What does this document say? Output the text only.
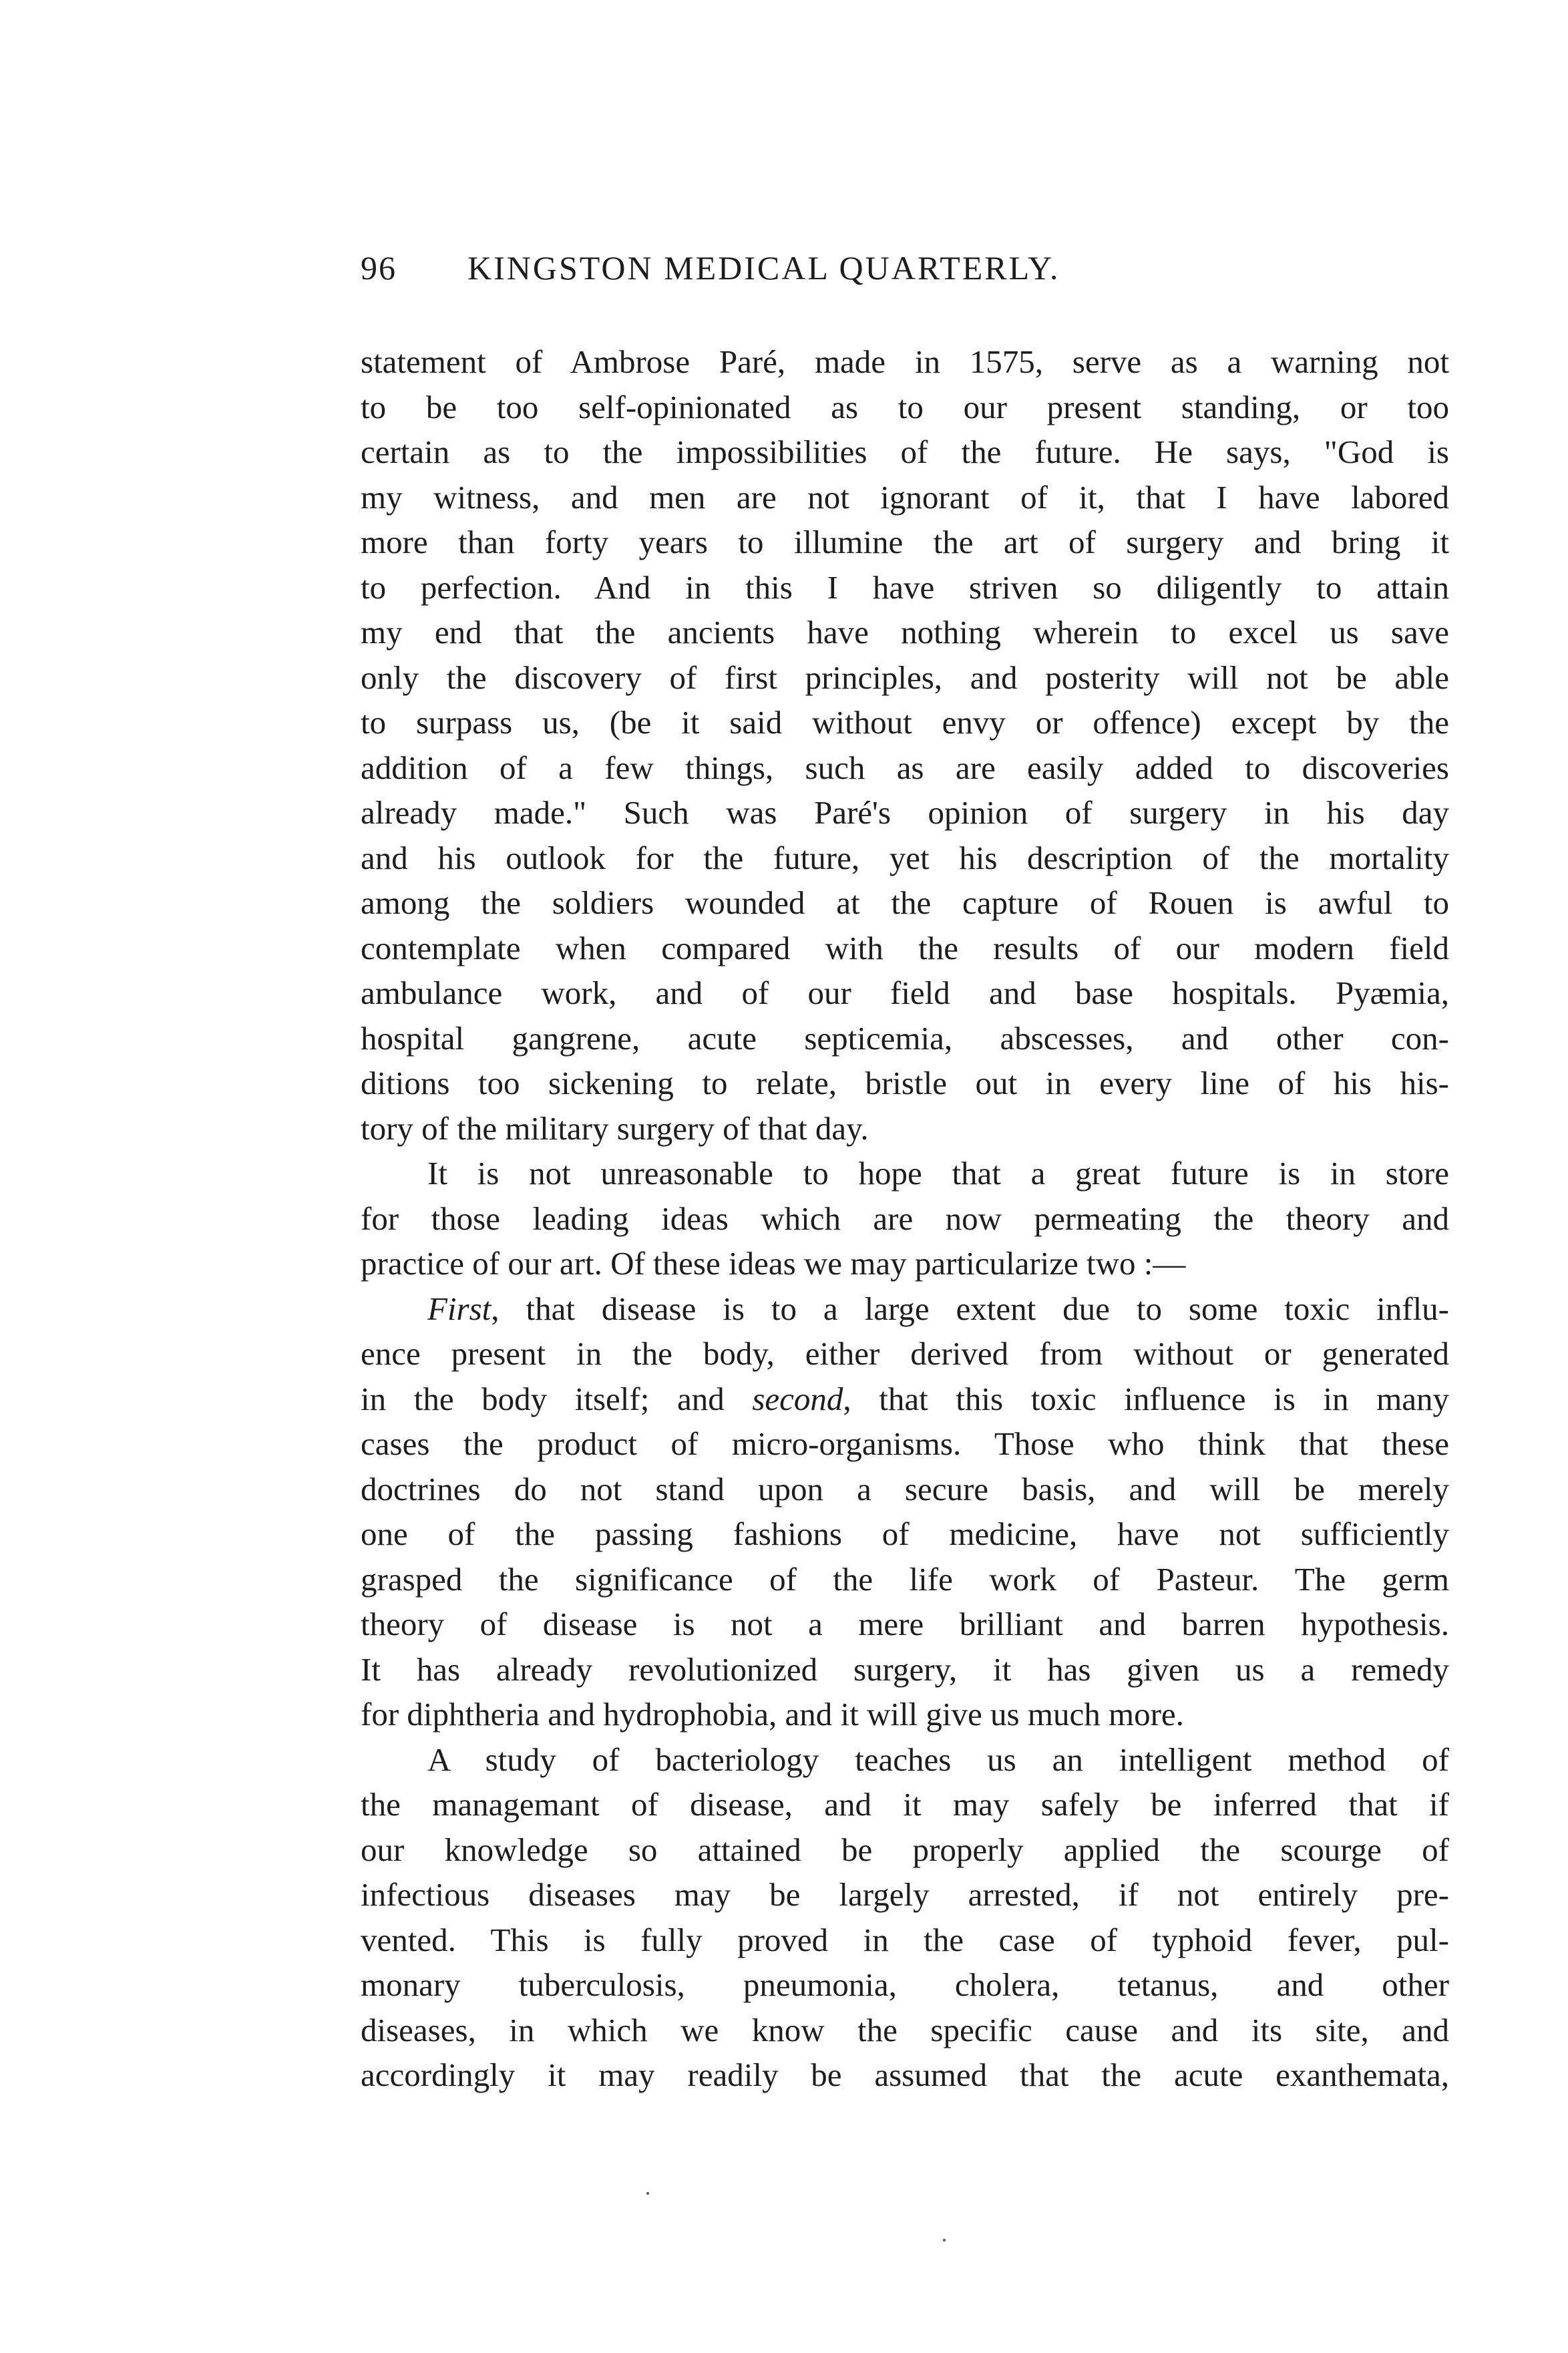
96 KINGSTON MEDICAL QUARTERLY.
statement of Ambrose Paré, made in 1575, serve as a warning not
to be too self-opinionated as to our present standing, or too
certain as to the impossibilities of the future. He says, "God is
my witness, and men are not ignorant of it, that I have labored
more than forty years to illumine the art of surgery and bring it
to perfection. And in this I have striven so diligently to attain
my end that the ancients have nothing wherein to excel us save
only the discovery of first principles, and posterity will not be able
to surpass us, (be it said without envy or offence) except by the
addition of a few things, such as are easily added to discoveries
already made." Such was Paré's opinion of surgery in his day
and his outlook for the future, yet his description of the mortality
among the soldiers wounded at the capture of Rouen is awful to
contemplate when compared with the results of our modern field
ambulance work, and of our field and base hospitals. Pyæmia,
hospital gangrene, acute septicemia, abscesses, and other con-
ditions too sickening to relate, bristle out in every line of his his-
tory of the military surgery of that day.
It is not unreasonable to hope that a great future is in store
for those leading ideas which are now permeating the theory and
practice of our art. Of these ideas we may particularize two :—
First, that disease is to a large extent due to some toxic influ-
ence present in the body, either derived from without or generated
in the body itself; and second, that this toxic influence is in many
cases the product of micro-organisms. Those who think that these
doctrines do not stand upon a secure basis, and will be merely
one of the passing fashions of medicine, have not sufficiently
grasped the significance of the life work of Pasteur. The germ
theory of disease is not a mere brilliant and barren hypothesis.
It has already revolutionized surgery, it has given us a remedy
for diphtheria and hydrophobia, and it will give us much more.
A study of bacteriology teaches us an intelligent method of
the managemant of disease, and it may safely be inferred that if
our knowledge so attained be properly applied the scourge of
infectious diseases may be largely arrested, if not entirely pre-
vented. This is fully proved in the case of typhoid fever, pul-
monary tuberculosis, pneumonia, cholera, tetanus, and other
diseases, in which we know the specific cause and its site, and
accordingly it may readily be assumed that the acute exanthemata,
